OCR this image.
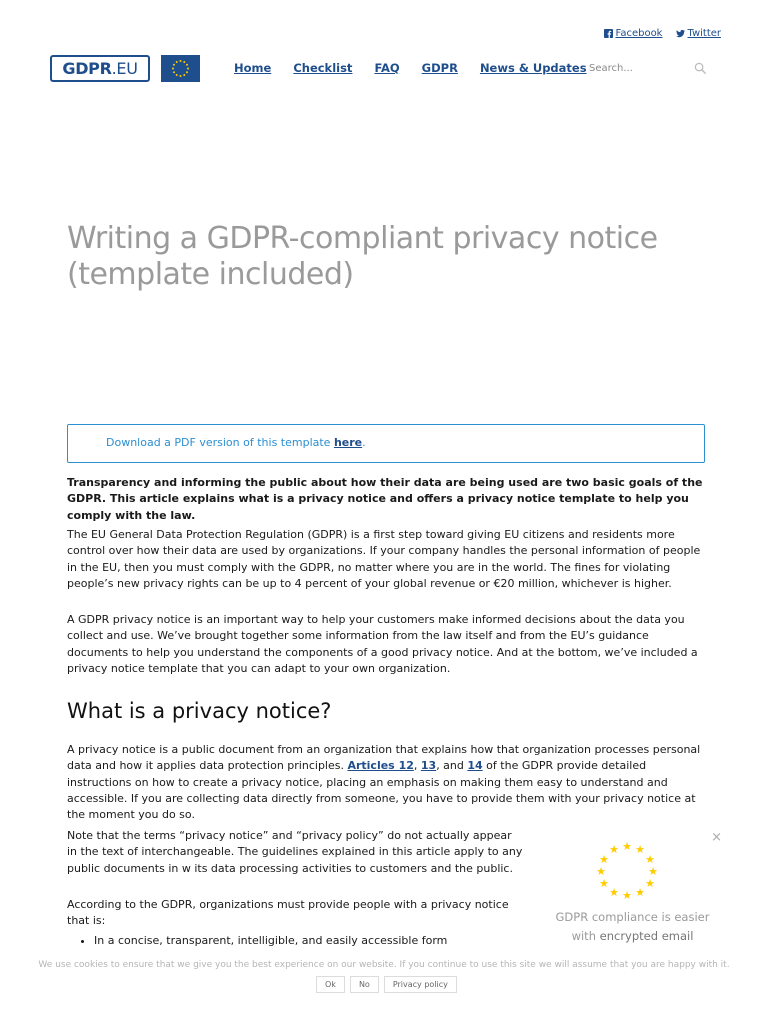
Facebook	Twitter
GDPR .EU	Home Checklist FAQ GDPR News & Updates
Search...
Writing a GDPR-compliant privacy notice (template included)

Download a PDF version of this template here.

Transparency and informing the public about how their data are being used are two basic goals of the GDPR. This article explains what is a privacy notice and offers a privacy notice template to help you comply with the law.

The EU General Data Protection Regulation (GDPR) is a first step toward giving EU citizens and residents more control over how their data are used by organizations. If your company handles the personal information of people in the EU, then you must comply with the GDPR, no matter where you are in the world. The fines for violating people’s new privacy rights can be up to 4 percent of your global revenue or €20 million, whichever is higher.

A GDPR privacy notice is an important way to help your customers make informed decisions about the data you collect and use. We’ve brought together some information from the law itself and from the EU’s guidance documents to help you understand the components of a good privacy notice. And at the bottom, we’ve included a privacy notice template that you can adapt to your own organization.

What is a privacy notice?

A privacy notice is a public document from an organization that explains how that organization processes personal data and how it applies data protection principles. Articles 12, 13, and 14 of the GDPR provide detailed instructions on how to create a privacy notice, placing an emphasis on making them easy to understand and accessible. If you are collecting data directly from someone, you have to provide them with your privacy notice at the moment you do so.

Note that the terms “privacy notice” and “privacy policy” do not actually appear in the text of interchangeable. The guidelines explained in this article apply to any public documents in w its data processing activities to customers and the public.

According to the GDPR, organizations must provide people with a privacy notice that is:

• In a concise, transparent, intelligible, and easily accessible form
×
★ ★
★
★
★
★
★
★
★
★
★
★
GDPR compliance is easier
with encrypted email

We use cookies to ensure that we give you the best experience on our website. If you continue to use this site we will assume that you are happy with it.

Ok	No	Privacy policy
